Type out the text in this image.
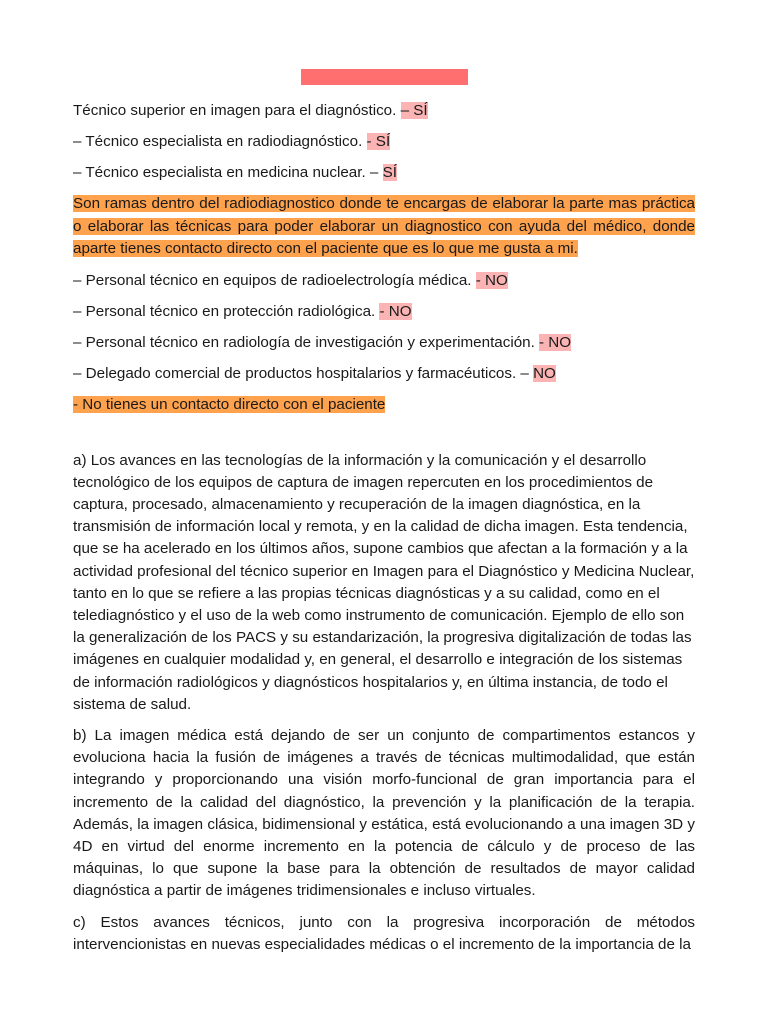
Técnico superior en imagen para el diagnóstico. – SÍ
– Técnico especialista en radiodiagnóstico. - SÍ
– Técnico especialista en medicina nuclear. – SÍ
Son ramas dentro del radiodiagnostico donde te encargas de elaborar la parte mas práctica o elaborar las técnicas para poder elaborar un diagnostico con ayuda del médico, donde aparte tienes contacto directo con el paciente que es lo que me gusta a mi.
– Personal técnico en equipos de radioelectrología médica. - NO
– Personal técnico en protección radiológica. - NO
– Personal técnico en radiología de investigación y experimentación. - NO
– Delegado comercial de productos hospitalarios y farmacéuticos. – NO
- No tienes un contacto directo con el paciente

a) Los avances en las tecnologías de la información y la comunicación y el desarrollo tecnológico de los equipos de captura de imagen repercuten en los procedimientos de captura, procesado, almacenamiento y recuperación de la imagen diagnóstica, en la transmisión de información local y remota, y en la calidad de dicha imagen. Esta tendencia, que se ha acelerado en los últimos años, supone cambios que afectan a la formación y a la actividad profesional del técnico superior en Imagen para el Diagnóstico y Medicina Nuclear, tanto en lo que se refiere a las propias técnicas diagnósticas y a su calidad, como en el telediagnóstico y el uso de la web como instrumento de comunicación. Ejemplo de ello son la generalización de los PACS y su estandarización, la progresiva digitalización de todas las imágenes en cualquier modalidad y, en general, el desarrollo e integración de los sistemas de información radiológicos y diagnósticos hospitalarios y, en última instancia, de todo el sistema de salud.

b) La imagen médica está dejando de ser un conjunto de compartimentos estancos y evoluciona hacia la fusión de imágenes a través de técnicas multimodalidad, que están integrando y proporcionando una visión morfo-funcional de gran importancia para el incremento de la calidad del diagnóstico, la prevención y la planificación de la terapia. Además, la imagen clásica, bidimensional y estática, está evolucionando a una imagen 3D y 4D en virtud del enorme incremento en la potencia de cálculo y de proceso de las máquinas, lo que supone la base para la obtención de resultados de mayor calidad diagnóstica a partir de imágenes tridimensionales e incluso virtuales.

c) Estos avances técnicos, junto con la progresiva incorporación de métodos intervencionistas en nuevas especialidades médicas o el incremento de la importancia de la
